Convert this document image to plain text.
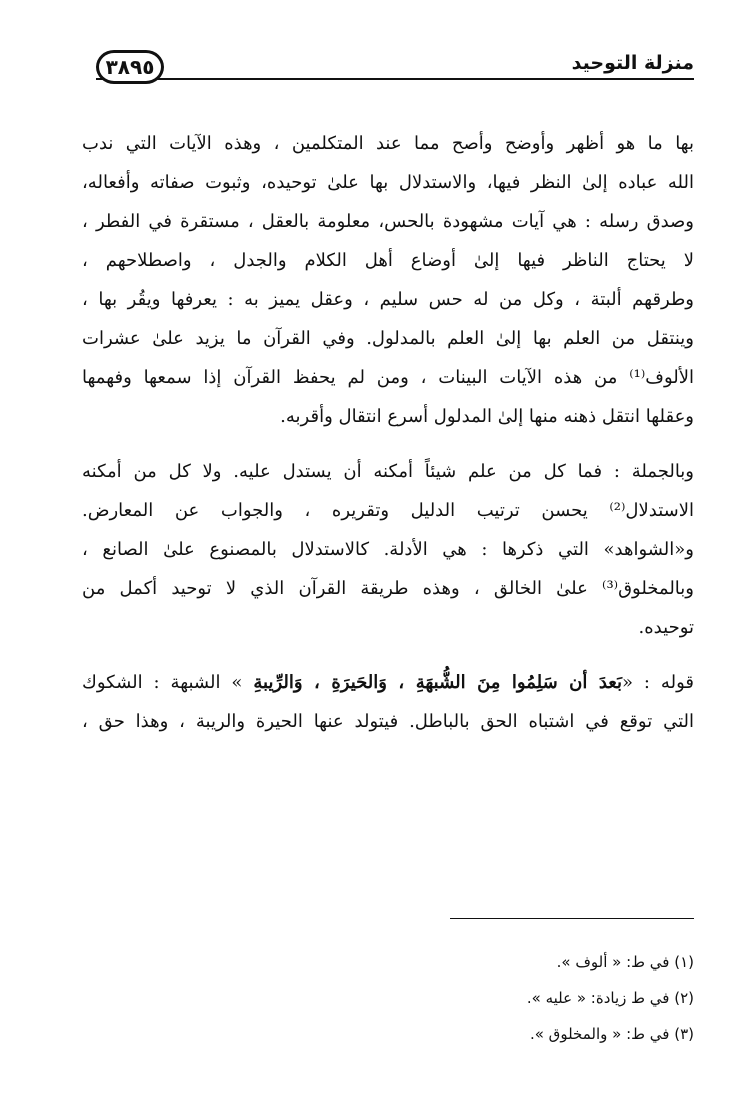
منزلة التوحيد
٣٨٩٥
بها ما هو أظهر وأوضح وأصح مما عند المتكلمين ، وهذه الآيات التي ندب
الله عباده إلىٰ النظر فيها، والاستدلال بها علىٰ توحيده، وثبوت صفاته وأفعاله،
وصدق رسله : هي آيات مشهودة بالحس، معلومة بالعقل ، مستقرة في الفطر ،
لا يحتاج الناظر فيها إلىٰ أوضاع أهل الكلام والجدل ، واصطلاحهم ،
وطرقهم ألبتة ، وكل من له حس سليم ، وعقل يميز به : يعرفها ويقُر بها ،
وينتقل من العلم بها إلىٰ العلم بالمدلول. وفي القرآن ما يزيد علىٰ عشرات
الألوف⁽¹⁾ من هذه الآيات البينات ، ومن لم يحفظ القرآن إذا سمعها وفهمها
وعقلها انتقل ذهنه منها إلىٰ المدلول أسرع انتقال وأقربه.
وبالجملة : فما كل من علم شيئاً أمكنه أن يستدل عليه. ولا كل من أمكنه
الاستدلال⁽²⁾ يحسن ترتيب الدليل وتقريره ، والجواب عن المعارض.
و«الشواهد» التي ذكرها : هي الأدلة. كالاستدلال بالمصنوع علىٰ الصانع ،
وبالمخلوق⁽³⁾ علىٰ الخالق ، وهذه طريقة القرآن الذي لا توحيد أكمل من
توحيده.
قوله : «بَعدَ أن سَلِمُوا مِنَ الشُّبهَةِ ، وَالحَيرَةِ ، وَالرِّيبةِ » الشبهة : الشكوك
التي توقع في اشتباه الحق بالباطل. فيتولد عنها الحيرة والريبة ، وهذا حق ،
(١) في ط: « ألوف ».
(٢) في ط زيادة: « عليه ».
(٣) في ط: « والمخلوق ».
